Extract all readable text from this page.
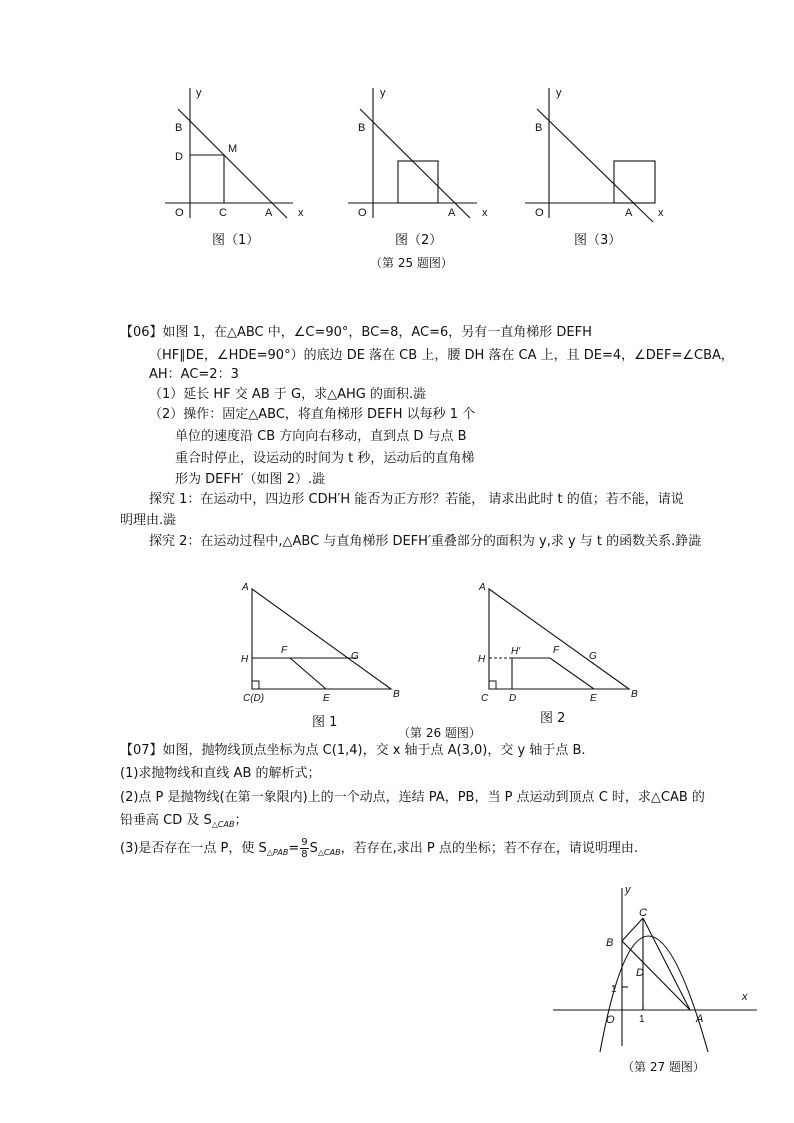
y
x
O
B
D
M
C	A
y
x
O
B
A
y
x
O
B
A
图（1）	图（2）	图（3）
（第 25 题图）
【06】如图 1，在△ABC 中，∠C=90°，BC=8，AC=6，另有一直角梯形 DEFH
（HF∥DE，∠HDE=90°）的底边 DE 落在 CB 上，腰 DH 落在 CA 上，且 DE=4，∠DEF=∠CBA，
AH：AC=2：3
（1）延长 HF 交 AB 于 G，求△AHG 的面积.澁
（2）操作：固定△ABC，将直角梯形 DEFH 以每秒 1 个
单位的速度沿 CB 方向向右移动，直到点 D 与点 B
重合时停止，设运动的时间为 t 秒，运动后的直角梯
形为 DEFH′（如图 2）.澁
探究 1：在运动中，四边形 CDH′H 能否为正方形？若能， 请求出此时 t 的值；若不能，请说
明理由.澁
探究 2：在运动过程中,△ABC 与直角梯形 DEFH′重叠部分的面积为 y,求 y 与 t 的函数关系.錚澁
A
H
F
G
C(D)	E	B
A
H
H′	F
G
C D	E	B
图 1	图 2
（第 26 题图）
【07】如图，抛物线顶点坐标为点 C(1,4)，交 x 轴于点 A(3,0)，交 y 轴于点 B.
(1)求抛物线和直线 AB 的解析式；
(2)点 P 是抛物线(在第一象限内)上的一个动点，连结 PA，PB，当 P 点运动到顶点 C 时，求△CAB 的
铅垂高 CD 及 $S_{\triangle CAB}$；
(3)是否存在一点 P，使 $S_{\triangle PAB}= \frac{9}{8} S_{\triangle CAB}$，若存在,求出 P 点的坐标；若不存在，请说明理由.
y
x
C
B
D
A
O
1
1
（第 27 题图）
